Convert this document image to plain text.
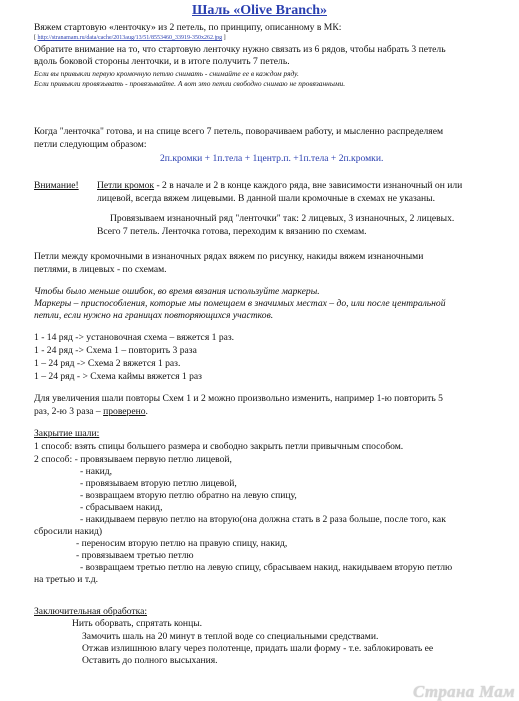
Шаль «Olive Branch»
Вяжем стартовую «ленточку» из 2 петель, по принципу, описанному в МК:
[ http://stranamam.ru/data/cache/2013aug/13/51/8553460_33919-350x262.jpg ]
Обратите внимание на то, что стартовую ленточку нужно связать из 6 рядов, чтобы набрать 3 петель
вдоль боковой стороны ленточки, и в итоге получить 7 петель.
Если вы привыкли первую кромочную петлю снимать - снимайте ее в каждом ряду.
Если привыкли провязывать - провязывайте. А вот это петли свободно снимаю не провязанными.
Когда "ленточка" готова, и на спице всего 7 петель, поворачиваем работу, и мысленно распределяем
петли следующим образом:
2п.кромки + 1п.тела + 1центр.п. +1п.тела + 2п.кромки.
Внимание! Петли кромок - 2 в начале и 2 в конце каждого ряда, вне зависимости изнаночный он или
лицевой, всегда вяжем лицевыми. В данной шали кромочные в схемах не указаны.
Провязываем изнаночный ряд "ленточки" так: 2 лицевых, 3 изнаночных, 2 лицевых.
Всего 7 петель. Ленточка готова, переходим к вязанию по схемам.
Петли между кромочными в изнаночных рядах вяжем по рисунку, накиды вяжем изнаночными
петлями, в лицевых - по схемам.
Чтобы было меньше ошибок, во время вязания используйте маркеры.
Маркеры – приспособления, которые мы помещаем в значимых местах – до, или после центральной
петли, если нужно на границах повторяющихся участков.
1 - 14 ряд -> установочная схема – вяжется 1 раз.
1 - 24 ряд -> Схема 1 – повторить 3 раза
1 – 24 ряд -> Схема 2 вяжется 1 раз.
1 – 24 ряд - > Схема каймы вяжется 1 раз
Для увеличения шали повторы Схем 1 и 2 можно произвольно изменить, например 1-ю повторить 5
раз, 2-ю 3 раза – проверено.
Закрытие шали:
1 способ: взять спицы большего размера и свободно закрыть петли привычным способом.
2 способ: - провязываем первую петлю лицевой,
- накид,
- провязываем вторую петлю лицевой,
- возвращаем вторую петлю обратно на левую спицу,
- сбрасываем накид,
- накидываем первую петлю на вторую(она должна стать в 2 раза больше, после того, как
сбросили накид)
- переносим вторую петлю на правую спицу, накид,
- провязываем третью петлю
- возвращаем третью петлю на левую спицу, сбрасываем накид, накидываем вторую петлю
на третью и т.д.
Заключительная обработка:
Нить оборвать, спрятать концы.
Замочить шаль на 20 минут в теплой воде со специальными средствами.
Отжав излишнюю влагу через полотенце, придать шали форму - т.е. заблокировать ее
Оставить до полного высыхания.
Страна Мам
